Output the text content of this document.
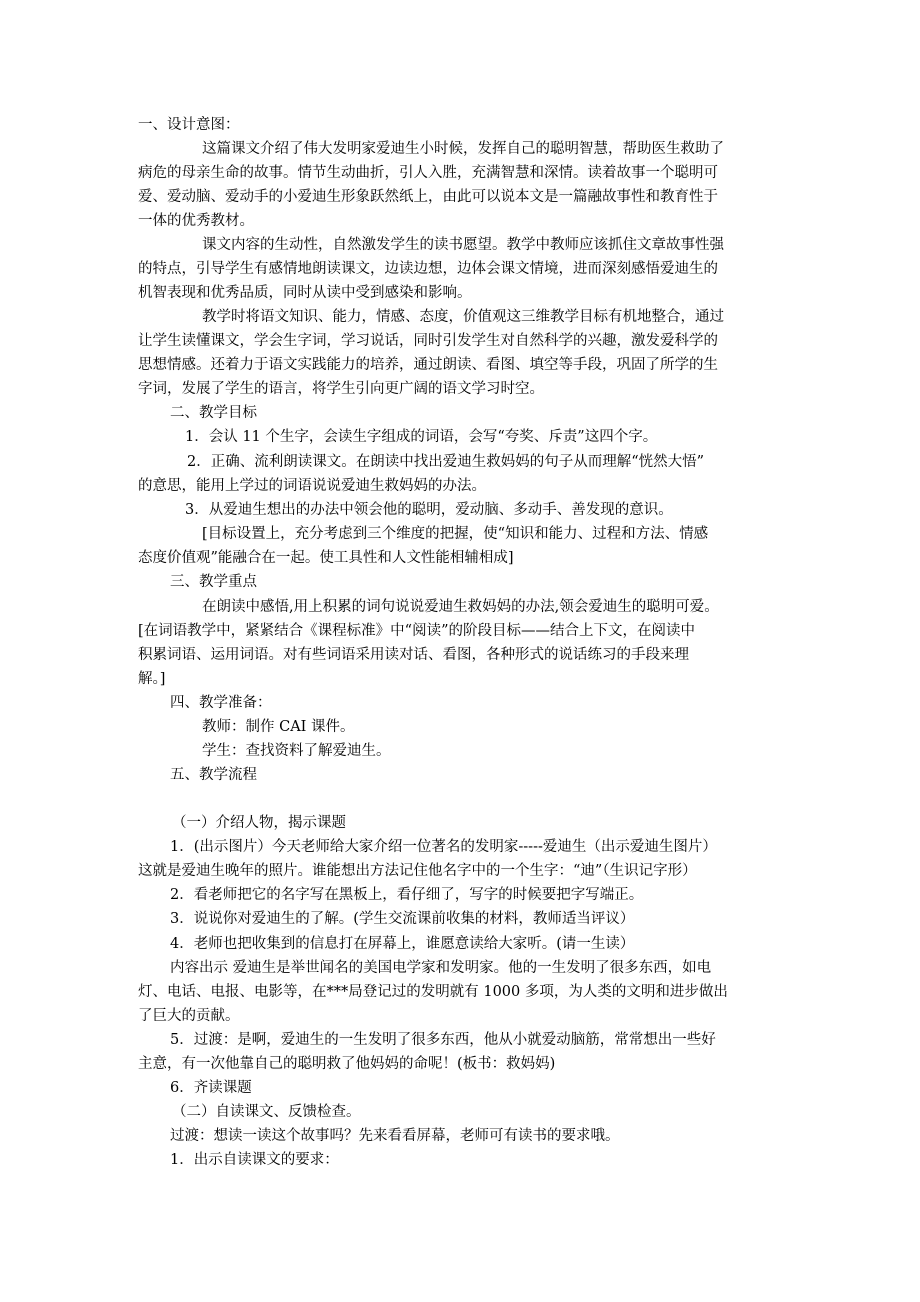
一、设计意图：
这篇课文介绍了伟大发明家爱迪生小时候，发挥自己的聪明智慧，帮助医生救助了
病危的母亲生命的故事。情节生动曲折，引人入胜，充满智慧和深情。读着故事一个聪明可
爱、爱动脑、爱动手的小爱迪生形象跃然纸上，由此可以说本文是一篇融故事性和教育性于
一体的优秀教材。
课文内容的生动性，自然激发学生的读书愿望。教学中教师应该抓住文章故事性强
的特点，引导学生有感情地朗读课文，边读边想，边体会课文情境，进而深刻感悟爱迪生的
机智表现和优秀品质，同时从读中受到感染和影响。
教学时将语文知识、能力，情感、态度，价值观这三维教学目标有机地整合，通过
让学生读懂课文，学会生字词，学习说话，同时引发学生对自然科学的兴趣，激发爱科学的
思想情感。还着力于语文实践能力的培养，通过朗读、看图、填空等手段，巩固了所学的生
字词，发展了学生的语言，将学生引向更广阔的语文学习时空。
二、教学目标
1．会认 11 个生字，会读生字组成的词语，会写“夸奖、斥责”这四个字。
2．正确、流利朗读课文。在朗读中找出爱迪生救妈妈的句子从而理解“恍然大悟”
的意思，能用上学过的词语说说爱迪生救妈妈的办法。
3．从爱迪生想出的办法中领会他的聪明，爱动脑、多动手、善发现的意识。
[目标设置上，充分考虑到三个维度的把握，使“知识和能力、过程和方法、情感
态度价值观”能融合在一起。使工具性和人文性能相辅相成]
三、教学重点
在朗读中感悟,用上积累的词句说说爱迪生救妈妈的办法,领会爱迪生的聪明可爱。
[在词语教学中，紧紧结合《课程标准》中“阅读”的阶段目标——结合上下文，在阅读中
积累词语、运用词语。对有些词语采用读对话、看图，各种形式的说话练习的手段来理
解。]
四、教学准备：
教师：制作 CAI 课件。
学生：查找资料了解爱迪生。
五、教学流程
（一）介绍人物，揭示课题
1．(出示图片）今天老师给大家介绍一位著名的发明家-----爱迪生（出示爱迪生图片）
这就是爱迪生晚年的照片。谁能想出方法记住他名字中的一个生字：“迪”（生识记字形）
2．看老师把它的名字写在黑板上，看仔细了，写字的时候要把字写端正。
3．说说你对爱迪生的了解。(学生交流课前收集的材料，教师适当评议）
4．老师也把收集到的信息打在屏幕上，谁愿意读给大家听。(请一生读）
内容出示 爱迪生是举世闻名的美国电学家和发明家。他的一生发明了很多东西，如电
灯、电话、电报、电影等，在***局登记过的发明就有 1000 多项，为人类的文明和进步做出
了巨大的贡献。
5．过渡：是啊，爱迪生的一生发明了很多东西，他从小就爱动脑筋，常常想出一些好
主意，有一次他靠自己的聪明救了他妈妈的命呢！(板书：救妈妈)
6．齐读课题
（二）自读课文、反馈检查。
过渡：想读一读这个故事吗？先来看看屏幕，老师可有读书的要求哦。
1．出示自读课文的要求：
